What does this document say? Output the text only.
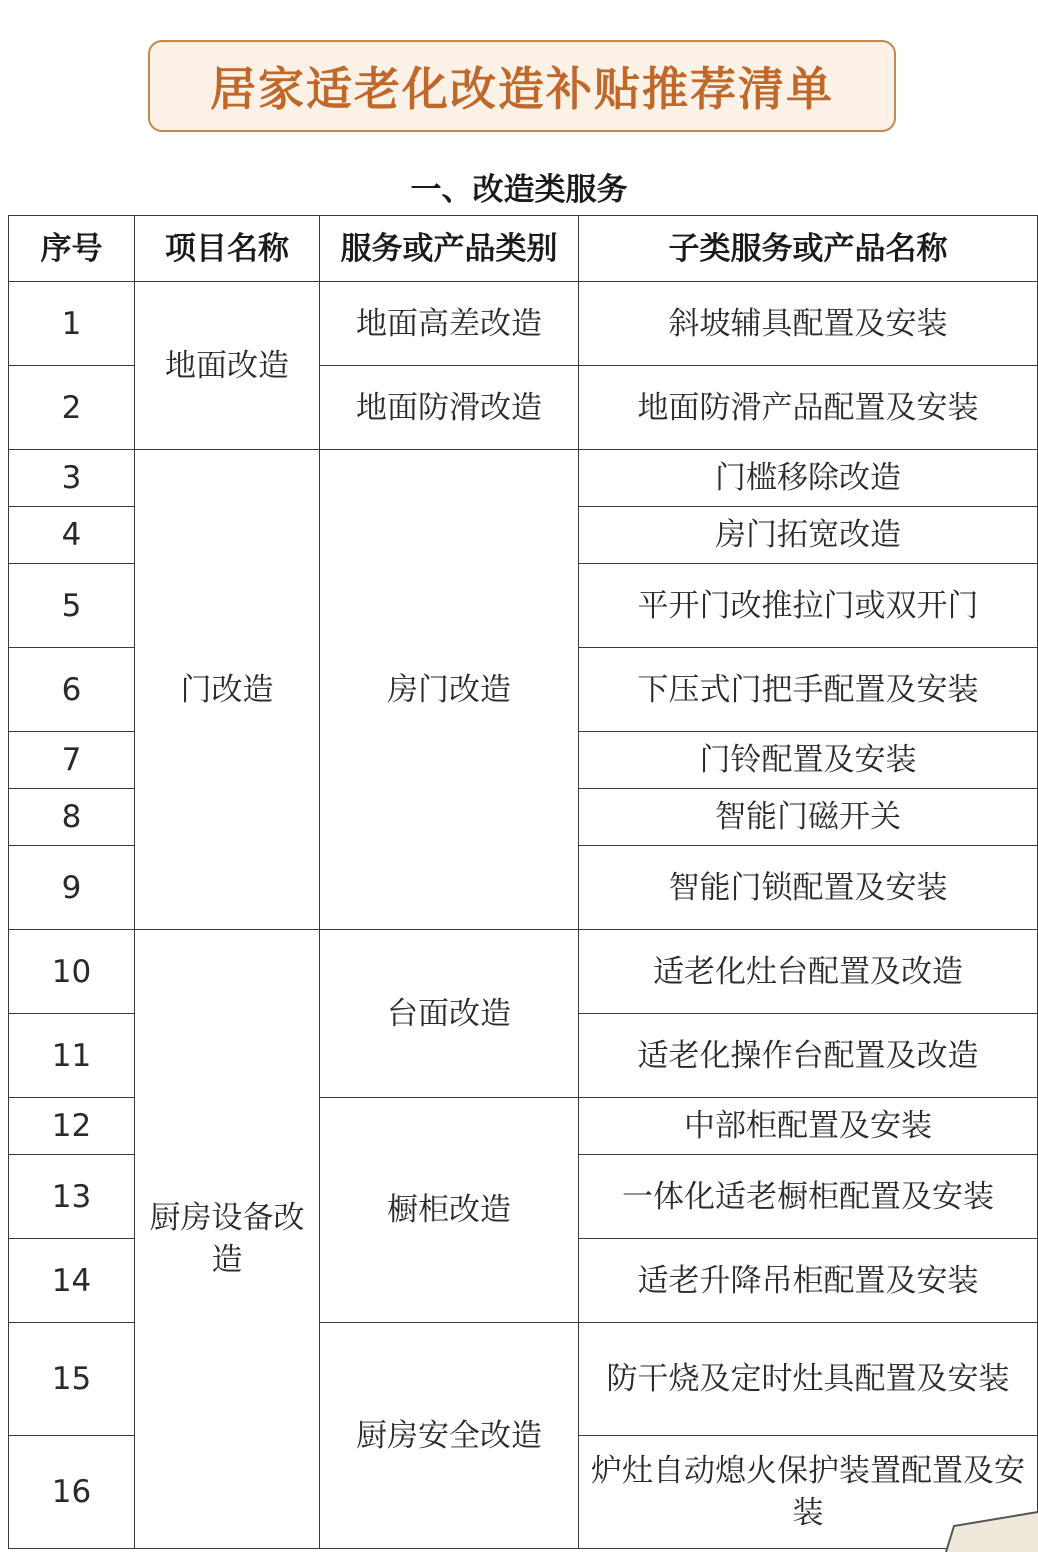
居家适老化改造补贴推荐清单
一、改造类服务
序号	项目名称	服务或产品类别	子类服务或产品名称
1	地面改造	地面高差改造	斜坡辅具配置及安装
2		地面防滑改造	地面防滑产品配置及安装
3	门改造	房门改造	门槛移除改造
4			房门拓宽改造
5			平开门改推拉门或双开门
6			下压式门把手配置及安装
7			门铃配置及安装
8			智能门磁开关
9			智能门锁配置及安装
10	厨房设备改造	台面改造	适老化灶台配置及改造
11			适老化操作台配置及改造
12		橱柜改造	中部柜配置及安装
13			一体化适老橱柜配置及安装
14			适老升降吊柜配置及安装
15		厨房安全改造	防干烧及定时灶具配置及安装
16			炉灶自动熄火保护装置配置及安装
